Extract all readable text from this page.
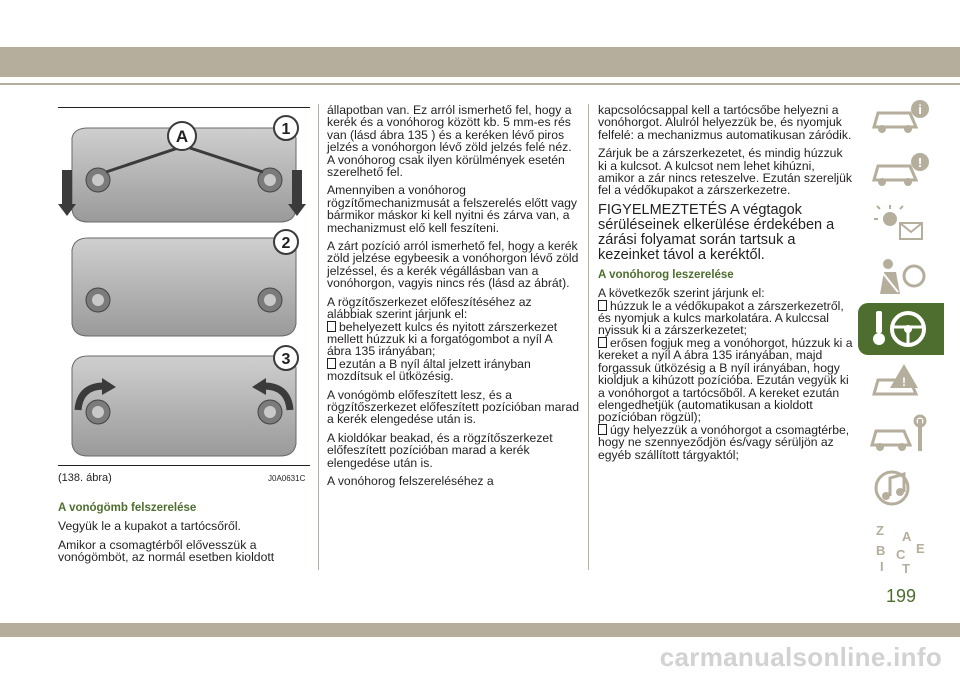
A	1
2
3
(138. ábra)	J0A0631C

A vonógömb felszerelése

Vegyük le a kupakot a tartócsőről.

Amikor a csomagtérből elővesszük a vonógömböt, az normál esetben kioldott

állapotban van. Ez arról ismerhető fel, hogy a kerék és a vonóhorog között kb. 5 mm-es rés van (lásd ábra 135 ) és a keréken lévő piros jelzés a vonóhorgon lévő zöld jelzés felé néz. A vonóhorog csak ilyen körülmények esetén szerelhető fel.

Amennyiben a vonóhorog rögzítőmechanizmusát a felszerelés előtt vagy bármikor máskor ki kell nyitni és zárva van, a mechanizmust elő kell feszíteni.

A zárt pozíció arról ismerhető fel, hogy a kerék zöld jelzése egybeesik a vonóhorgon lévő zöld jelzéssel, és a kerék végállásban van a vonóhorgon, vagyis nincs rés (lásd az ábrát).

A rögzítőszerkezet előfeszítéséhez az alábbiak szerint járjunk el:

behelyezett kulcs és nyitott zárszerkezet mellett húzzuk ki a forgatógombot a nyíl A ábra 135 irányában;

ezután a B nyíl által jelzett irányban mozdítsuk el ütközésig.

A vonógömb előfeszített lesz, és a rögzítőszerkezet előfeszített pozícióban marad a kerék elengedése után is.

A kioldókar beakad, és a rögzítőszerkezet előfeszített pozícióban marad a kerék elengedése után is.

A vonóhorog felszereléséhez a

kapcsolócsappal kell a tartócsőbe helyezni a vonóhorgot. Alulról helyezzük be, és nyomjuk felfelé: a mechanizmus automatikusan záródik.

Zárjuk be a zárszerkezetet, és mindig húzzuk ki a kulcsot. A kulcsot nem lehet kihúzni, amikor a zár nincs reteszelve. Ezután szereljük fel a védőkupakot a zárszerkezetre.

FIGYELMEZTETÉS A végtagok sérüléseinek elkerülése érdekében a zárási folyamat során tartsuk a kezeinket távol a keréktől.

A vonóhorog leszerelése

A következők szerint járjunk el:

húzzuk le a védőkupakot a zárszerkezetről, és nyomjuk a kulcs markolatára. A kulccsal nyissuk ki a zárszerkezetet;

erősen fogjuk meg a vonóhorgot, húzzuk ki a kereket a nyíl A ábra 135 irányában, majd forgassuk ütközésig a B nyíl irányában, hogy kioldjuk a kihúzott pozícióba. Ezután vegyük ki a vonóhorgot a tartócsőből. A kereket ezután elengedhetjük (automatikusan a kioldott pozícióban rögzül);

úgy helyezzük a vonóhorgot a csomagtérbe, hogy ne szennyeződjön és/vagy sérüljön az egyéb szállított tárgyaktól;

i
!
!
Z A
E
B C
I T
199
carmanualsonline.info
